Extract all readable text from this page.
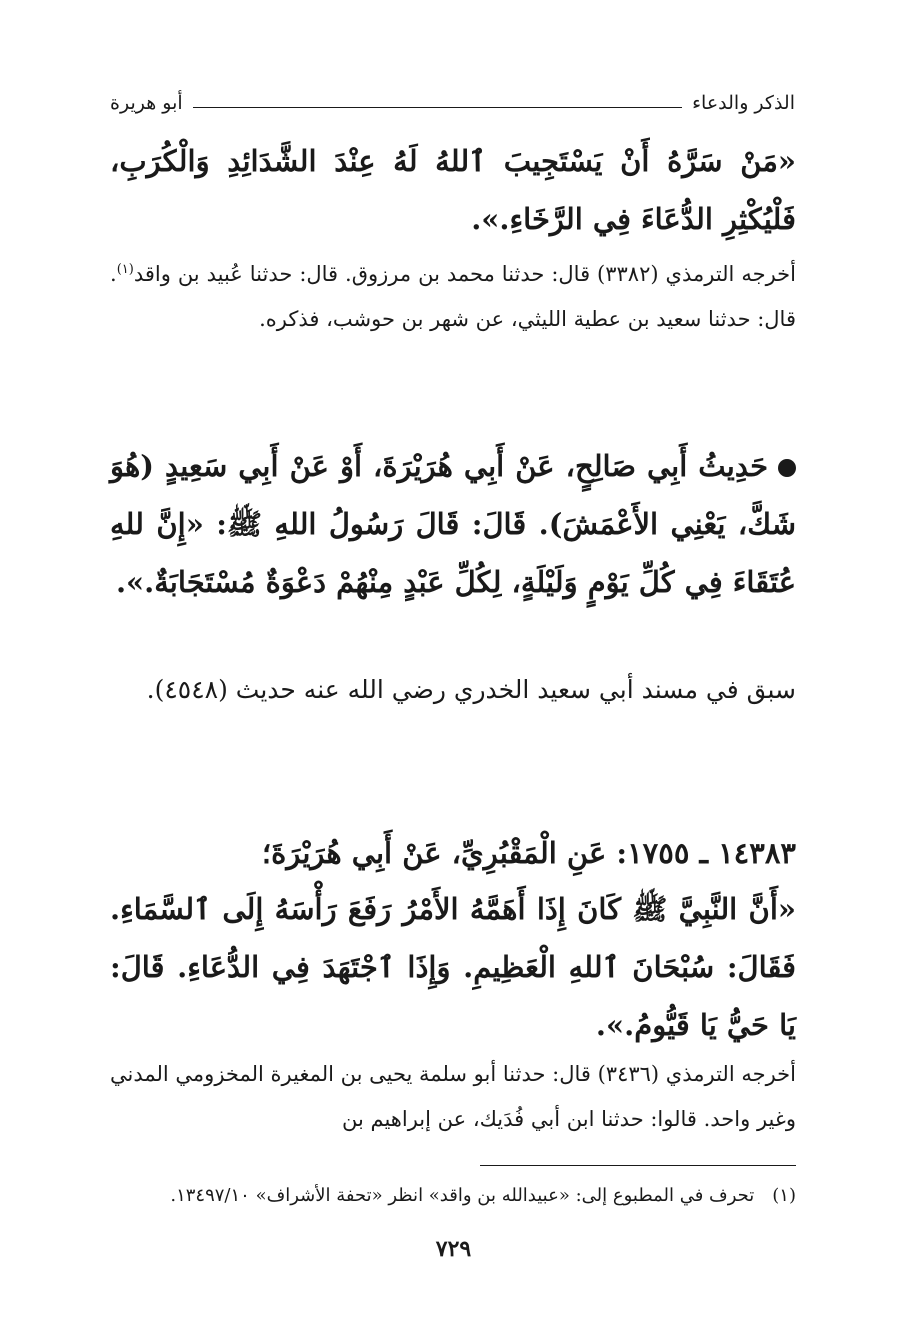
الذكر والدعاء
أبو هريرة
«مَنْ سَرَّهُ أَنْ يَسْتَجِيبَ ٱللهُ لَهُ عِنْدَ الشَّدَائِدِ وَالْكُرَبِ، فَلْيُكْثِرِ الدُّعَاءَ فِي الرَّخَاءِ.».
أخرجه الترمذي (٣٣٨٢) قال: حدثنا محمد بن مرزوق. قال: حدثنا عُبيد بن واقد$^{(١)}$. قال: حدثنا سعيد بن عطية الليثي، عن شهر بن حوشب، فذكره.
حَدِيثُ أَبِي صَالِحٍ، عَنْ أَبِي هُرَيْرَةَ، أَوْ عَنْ أَبِي سَعِيدٍ (هُوَ شَكَّ، يَعْنِي الأَعْمَشَ). قَالَ: قَالَ رَسُولُ اللهِ ﷺ: «إِنَّ للهِ عُتَقَاءَ فِي كُلِّ يَوْمٍ وَلَيْلَةٍ، لِكُلِّ عَبْدٍ مِنْهُمْ دَعْوَةٌ مُسْتَجَابَةٌ.».
سبق في مسند أبي سعيد الخدري رضي الله عنه حديث (٤٥٤٨).
١٤٣٨٣ ـ ١٧٥٥: عَنِ الْمَقْبُرِيِّ، عَنْ أَبِي هُرَيْرَةَ؛
«أَنَّ النَّبِيَّ ﷺ كَانَ إِذَا أَهَمَّهُ الأَمْرُ رَفَعَ رَأْسَهُ إِلَى ٱلسَّمَاءِ. فَقَالَ: سُبْحَانَ ٱللهِ الْعَظِيمِ. وَإِذَا ٱجْتَهَدَ فِي الدُّعَاءِ. قَالَ: يَا حَيُّ يَا قَيُّومُ.».
أخرجه الترمذي (٣٤٣٦) قال: حدثنا أبو سلمة يحيى بن المغيرة المخزومي المدني وغير واحد. قالوا: حدثنا ابن أبي فُدَيك، عن إبراهيم بن
(١)تحرف في المطبوع إلى: «عبيدالله بن واقد» انظر «تحفة الأشراف» ١٣٤٩٧/١٠.
٧٢٩
